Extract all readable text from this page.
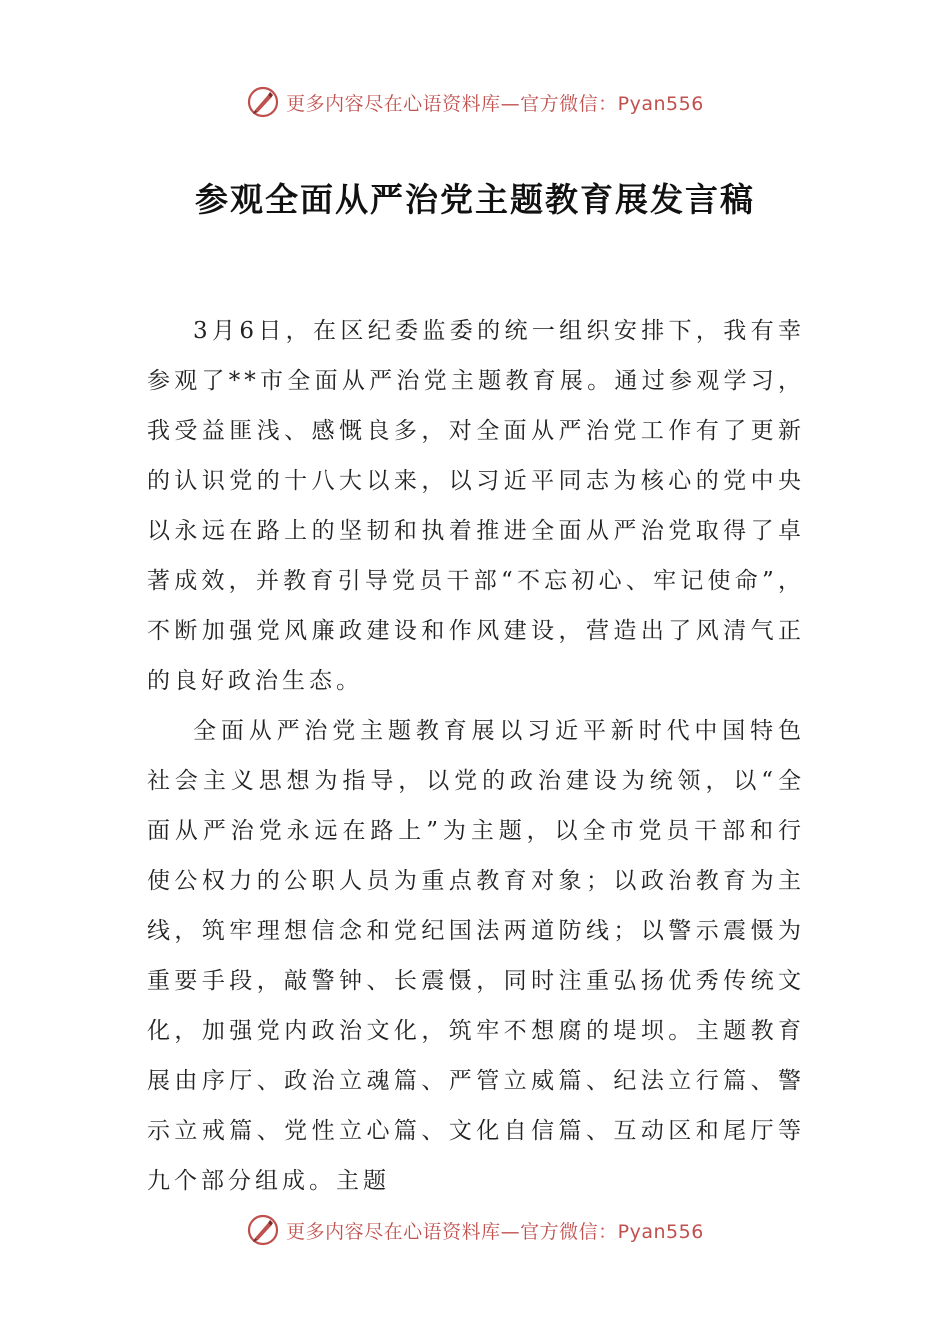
更多内容尽在心语资料库—官方微信：Pyan556
参观全面从严治党主题教育展发言稿

3月6日，在区纪委监委的统一组织安排下，我有幸参观了**市全面从严治党主题教育展。通过参观学习，我受益匪浅、感慨良多，对全面从严治党工作有了更新的认识党的十八大以来，以习近平同志为核心的党中央以永远在路上的坚韧和执着推进全面从严治党取得了卓著成效，并教育引导党员干部“不忘初心、牢记使命”，不断加强党风廉政建设和作风建设，营造出了风清气正的良好政治生态。

全面从严治党主题教育展以习近平新时代中国特色社会主义思想为指导，以党的政治建设为统领，以“全面从严治党永远在路上”为主题，以全市党员干部和行使公权力的公职人员为重点教育对象；以政治教育为主线，筑牢理想信念和党纪国法两道防线；以警示震慑为重要手段，敲警钟、长震慑，同时注重弘扬优秀传统文化，加强党内政治文化，筑牢不想腐的堤坝。主题教育展由序厅、政治立魂篇、严管立威篇、纪法立行篇、警示立戒篇、党性立心篇、文化自信篇、互动区和尾厅等九个部分组成。主题

更多内容尽在心语资料库—官方微信：Pyan556
